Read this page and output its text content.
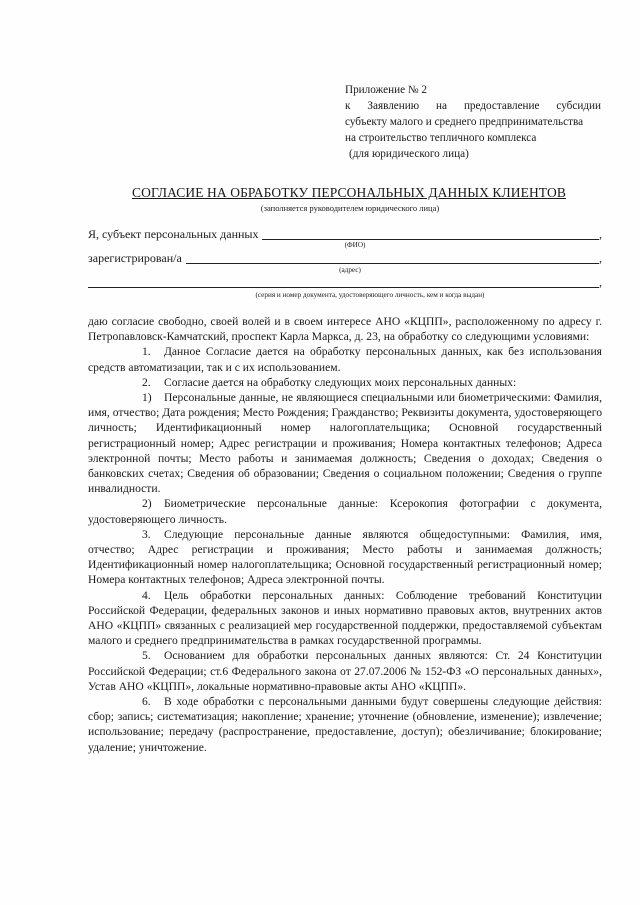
Приложение № 2
к Заявлению на предоставление субсидии
субъекту малого и среднего предпринимательства
на строительство тепличного комплекса
(для юридического лица)
СОГЛАСИЕ НА ОБРАБОТКУ ПЕРСОНАЛЬНЫХ ДАННЫХ КЛИЕНТОВ
(заполняется руководителем юридического лица)
Я, субъект персональных данных	,
(ФИО)
зарегистрирован/а	,
(адрес)
,
(серия и номер документа, удостоверяющего личность, кем и когда выдан)

даю согласие свободно, своей волей и в своем интересе АНО «КЦПП», расположенному по адресу г. Петропавловск-Камчатский, проспект Карла Маркса, д. 23, на обработку со следующими условиями:

1. Данное Согласие дается на обработку персональных данных, как без использования средств автоматизации, так и с их использованием.

2. Согласие дается на обработку следующих моих персональных данных:

1) Персональные данные, не являющиеся специальными или биометрическими: Фамилия, имя, отчество; Дата рождения; Место Рождения; Гражданство; Реквизиты документа, удостоверяющего личность; Идентификационный номер налогоплательщика; Основной государственный регистрационный номер; Адрес регистрации и проживания; Номера контактных телефонов; Адреса электронной почты; Место работы и занимаемая должность; Сведения о доходах; Сведения о банковских счетах; Сведения об образовании; Сведения о социальном положении; Сведения о группе инвалидности.

2) Биометрические персональные данные: Ксерокопия фотографии с документа, удостоверяющего личность.

3. Следующие персональные данные являются общедоступными: Фамилия, имя, отчество; Адрес регистрации и проживания; Место работы и занимаемая должность; Идентификационный номер налогоплательщика; Основной государственный регистрационный номер; Номера контактных телефонов; Адреса электронной почты.

4. Цель обработки персональных данных: Соблюдение требований Конституции Российской Федерации, федеральных законов и иных нормативно правовых актов, внутренних актов АНО «КЦПП» связанных с реализацией мер государственной поддержки, предоставляемой субъектам малого и среднего предпринимательства в рамках государственной программы.

5. Основанием для обработки персональных данных являются: Ст. 24 Конституции Российской Федерации; ст.6 Федерального закона от 27.07.2006 № 152-ФЗ «О персональных данных», Устав АНО «КЦПП», локальные нормативно-правовые акты АНО «КЦПП».

6. В ходе обработки с персональными данными будут совершены следующие действия: сбор; запись; систематизация; накопление; хранение; уточнение (обновление, изменение); извлечение; использование; передачу (распространение, предоставление, доступ); обезличивание; блокирование; удаление; уничтожение.
